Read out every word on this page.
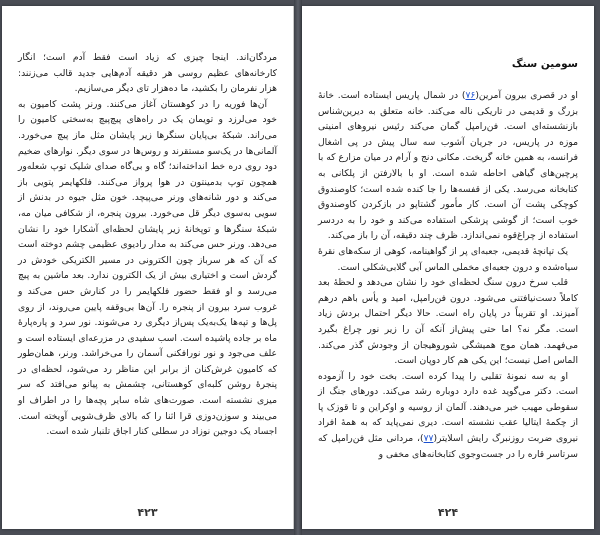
مردگان‌اند. اینجا چیزی که زیاد است فقط آدم است؛ انگار کارخانه‌های عظیم روسی هر دقیقه آدم‌هایی جدید قالب می‌زنند: هزار نفرمان را بکشید، ما ده‌هزار تای دیگر می‌سازیم.

آن‌ها فوریه را در کوهستان آغاز می‌کنند. ورنر پشت کامیون به خود می‌لرزد و تویمان یک در راه‌های پیچ‌پیچ به‌سختی کامیون را می‌راند. شبکهٔ بی‌پایان سنگرها زیر پایشان مثل ماز پیچ می‌خورد. آلمانی‌ها در یک‌سو مستقرند و روس‌ها در سوی دیگر. نوارهای ضخیم دود روی دره خط انداخته‌اند؛ گاه و بی‌گاه صدای شلیک توپ شعله‌ور همچون توپ بدمینتون در هوا پرواز می‌کنند. فلکهایمر پتویی باز می‌کند و دور شانه‌های ورنر می‌پیچد. خون مثل جیوه در بدنش از سویی به‌سوی دیگر قل می‌خورد. بیرون پنجره، از شکافی میان مه، شبکهٔ سنگرها و توپخانهٔ زیر پایشان لحظه‌ای آشکارا خود را نشان می‌دهد. ورنر حس می‌کند به مدار رادیوی عظیمی چشم دوخته است که آن که هر سرباز چون الکترونی در مسیر الکتریکی خودش در گردش است و اختیاری بیش از یک الکترون ندارد. بعد ماشین به پیچ می‌رسد و او فقط حضور فلکهایمر را در کنارش حس می‌کند و غروب سرد بیرون از پنجره را. آن‌ها بی‌وقفه پایین می‌روند، از روی پل‌ها و تپه‌ها یک‌به‌یک پس‌از دیگری رد می‌شوند. نور سرد و پاره‌پارهٔ ماه بر جاده پاشیده است. اسب سفیدی در مزرعه‌ای ایستاده است و علف می‌جود و نور نورافکنی آسمان را می‌خراشد. ورنر، همان‌طور که کامیون غرش‌کنان از برابر این مناظر رد می‌شود، لحظه‌ای در پنجرهٔ روشن کلبه‌ای کوهستانی، چشمش به پیانو می‌افتد که سر میزی نشسته است. صورت‌های شاه سایر پچه‌ها را در اطراف او می‌بیند و سوزن‌دوزی قرا اثنا را که بالای ظرف‌شویی آویخته است. اجساد یک دوجین نوزاد در سطلی کنار اجاق تلنبار شده است.

۴۲۳
سومین سنگ

او در قصری بیرون آمرین(۷۶) در شمال پاریس ایستاده است. خانهٔ بزرگ و قدیمی در تاریکی ناله می‌کند. خانه متعلق به دیرین‌شناس بازنشسته‌ای است. فن‌رامپل گمان می‌کند رئیس نیروهای امنیتی موزه در پاریس، در جریان آشوب سه سال پیش در پی اشغال فرانسه، به همین خانه گریخت. مکانی دنج و آرام در میان مزارع که با پرچین‌های گیاهی احاطه شده است. او با بالارفتن از پلکانی به کتابخانه می‌رسد. یکی از قفسه‌ها را جا کنده شده است؛ کاوصندوق کوچکی پشت آن است. کار مأمور گشتاپو در بازکردن کاوصندوق خوب است؛ از گوشی پزشکی استفاده می‌کند و خود را به دردسر استفاده از چراغ‌قوه نمی‌اندازد. ظرف چند دقیقه، آن را باز می‌کند.

یک تپانچهٔ قدیمی، جعبه‌ای پر از گواهینامه، کوهی از سکه‌های نقرهٔ سیاه‌شده و درون جعبه‌ای مخملی الماس آبی گلابی‌شکلی است.

قلب سرخ درون سنگ لحظه‌ای خود را نشان می‌دهد و لحظهٔ بعد کاملاً دست‌نیافتنی می‌شود. درون فن‌رامپل، امید و یأس باهم درهم آمیزند. او تقریباً در پایان راه است. حالا دیگر احتمال بردش زیاد است. مگر نه؟ اما حتی پیش‌از آنکه آن را زیر نور چراغ بگیرد می‌فهمد. همان موج همیشگی شوروهیجان از وجودش گذر می‌کند. الماس اصل نیست؛ این یکی هم کار دوپان است.

او به سه نمونهٔ تقلبی را پیدا کرده است. بخت خود را آزموده است. دکتر می‌گوید غده دارد دوباره رشد می‌کند. دورهای جنگ از سقوطی مهیب خبر می‌دهند. آلمان از روسیه و اوکراین و تا قوزک پا از چکمهٔ ایتالیا عقب نشسته است. دیری نمی‌پاید که به همهٔ افراد نیروی ضربت روزنبرگ رایش اسلایتر(۷۷)، مردانی مثل فن‌رامپل که سرتاسر قاره را در جست‌وجوی کتابخانه‌های مخفی و

۴۲۴
